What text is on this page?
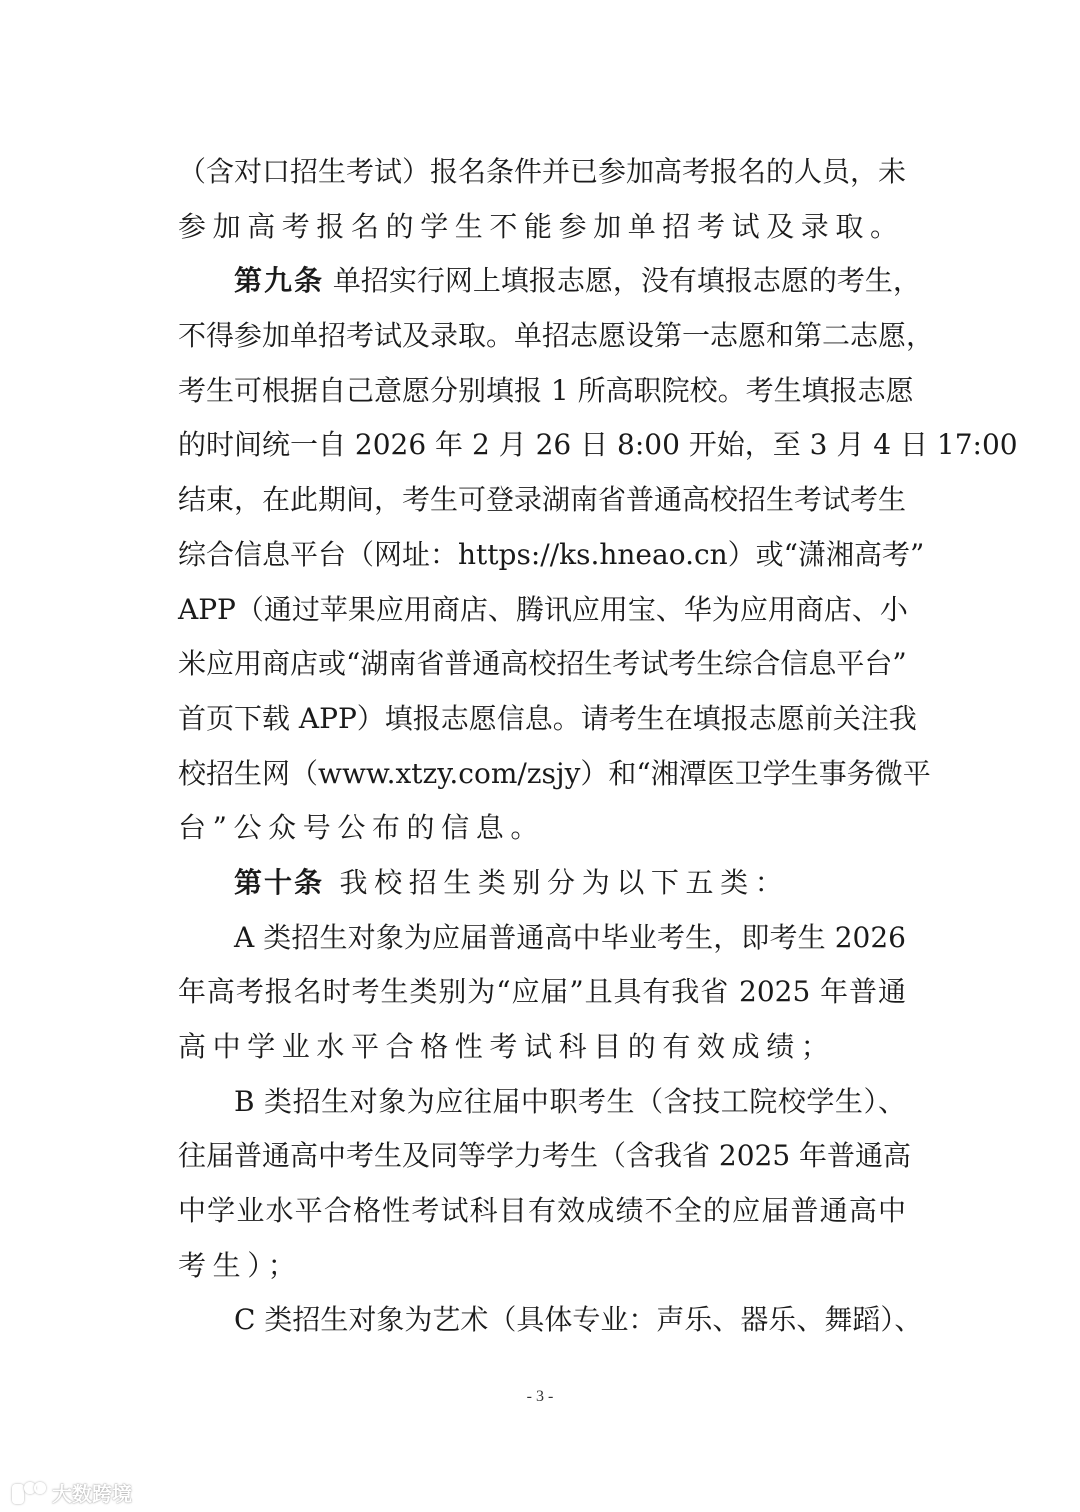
（含对口招生考试）报名条件并已参加高考报名的人员，未
参加高考报名的学生不能参加单招考试及录取。
第九条 单招实行网上填报志愿，没有填报志愿的考生，
不得参加单招考试及录取。单招志愿设第一志愿和第二志愿，
考生可根据自己意愿分别填报 1 所高职院校。考生填报志愿
的时间统一自 2026 年 2 月 26 日 8:00 开始，至 3 月 4 日 17:00
结束，在此期间，考生可登录湖南省普通高校招生考试考生
综合信息平台（网址：https://ks.hneao.cn）或“潇湘高考”
APP（通过苹果应用商店、腾讯应用宝、华为应用商店、小
米应用商店或“湖南省普通高校招生考试考生综合信息平台”
首页下载 APP）填报志愿信息。请考生在填报志愿前关注我
校招生网（www.xtzy.com/zsjy）和“湘潭医卫学生事务微平
台”公众号公布的信息。
第十条 我校招生类别分为以下五类：
A 类招生对象为应届普通高中毕业考生，即考生 2026
年高考报名时考生类别为“应届”且具有我省 2025 年普通
高中学业水平合格性考试科目的有效成绩；
B 类招生对象为应往届中职考生（含技工院校学生）、
往届普通高中考生及同等学力考生（含我省 2025 年普通高
中学业水平合格性考试科目有效成绩不全的应届普通高中
考生）；
C 类招生对象为艺术（具体专业：声乐、器乐、舞蹈）、
- 3 -
大数跨境
